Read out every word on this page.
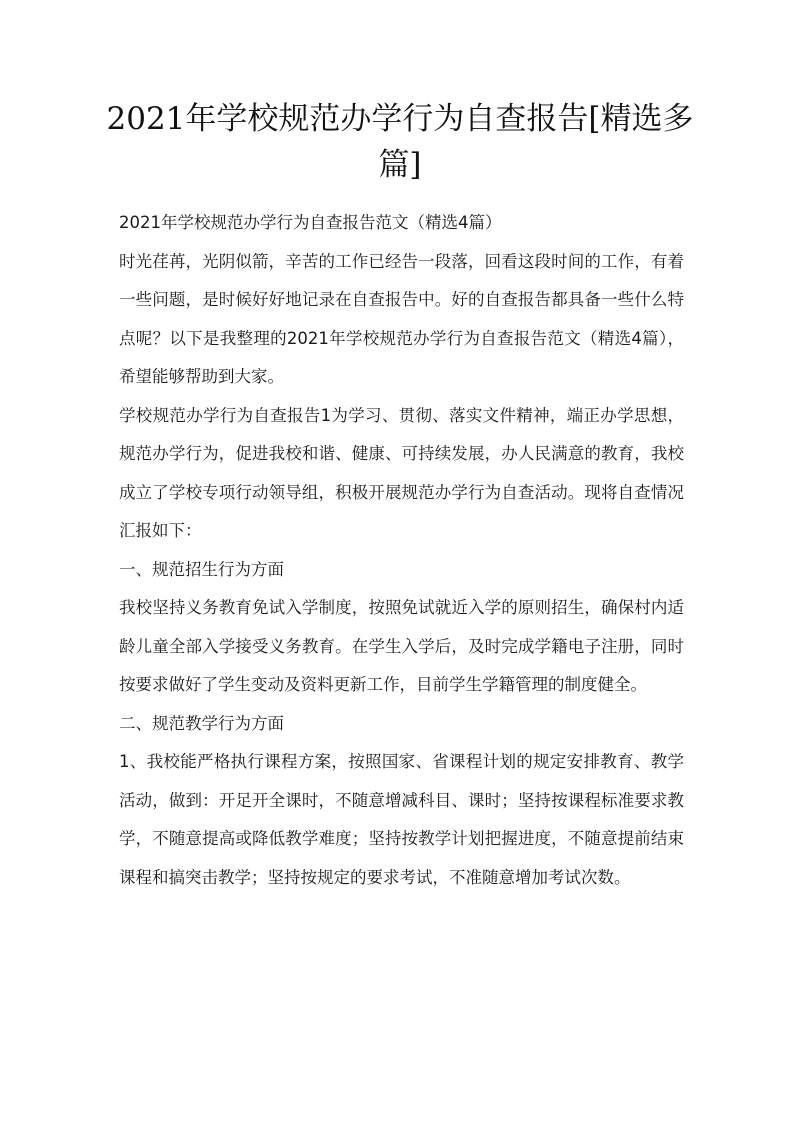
2021年学校规范办学行为自查报告[精选多篇]

2021年学校规范办学行为自查报告范文（精选4篇）

时光荏苒，光阴似箭，辛苦的工作已经告一段落，回看这段时间的工作，有着一些问题，是时候好好地记录在自查报告中。好的自查报告都具备一些什么特点呢？以下是我整理的2021年学校规范办学行为自查报告范文（精选4篇），希望能够帮助到大家。

学校规范办学行为自查报告1为学习、贯彻、落实文件精神，端正办学思想，规范办学行为，促进我校和谐、健康、可持续发展，办人民满意的教育，我校成立了学校专项行动领导组，积极开展规范办学行为自查活动。现将自查情况汇报如下：

一、规范招生行为方面

我校坚持义务教育免试入学制度，按照免试就近入学的原则招生，确保村内适龄儿童全部入学接受义务教育。在学生入学后，及时完成学籍电子注册，同时按要求做好了学生变动及资料更新工作，目前学生学籍管理的制度健全。

二、规范教学行为方面

1、我校能严格执行课程方案，按照国家、省课程计划的规定安排教育、教学活动，做到：开足开全课时，不随意增减科目、课时；坚持按课程标准要求教学，不随意提高或降低教学难度；坚持按教学计划把握进度，不随意提前结束课程和搞突击教学；坚持按规定的要求考试，不准随意增加考试次数。
